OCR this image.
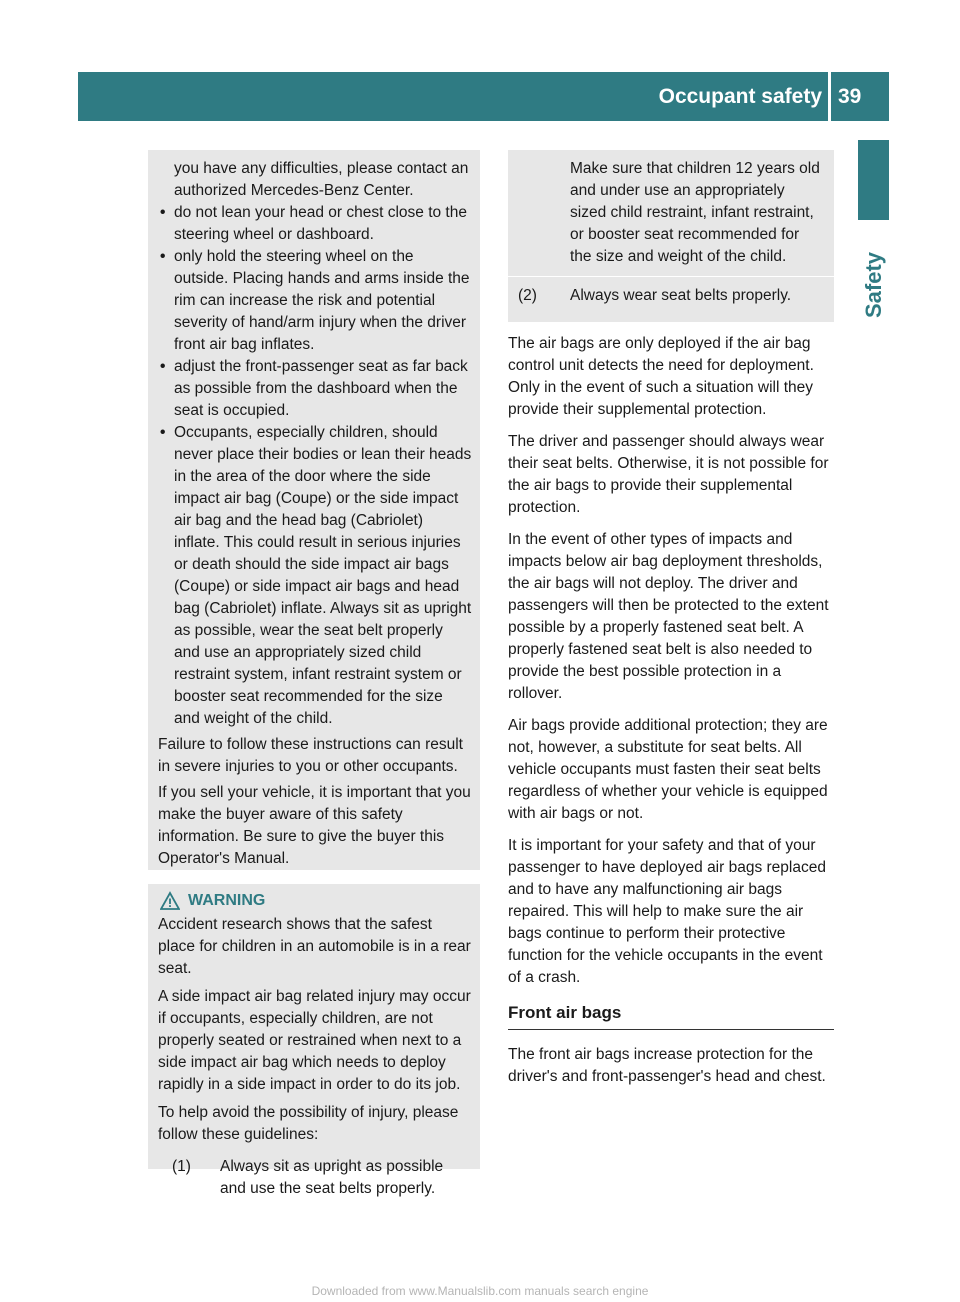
Occupant safety 39
Safety
you have any difficulties, please contact an authorized Mercedes-Benz Center.
• do not lean your head or chest close to the steering wheel or dashboard.
• only hold the steering wheel on the outside. Placing hands and arms inside the rim can increase the risk and potential severity of hand/arm injury when the driver front air bag inflates.
• adjust the front-passenger seat as far back as possible from the dashboard when the seat is occupied.
• Occupants, especially children, should never place their bodies or lean their heads in the area of the door where the side impact air bag (Coupe) or the side impact air bag and the head bag (Cabriolet) inflate. This could result in serious injuries or death should the side impact air bags (Coupe) or side impact air bags and head bag (Cabriolet) inflate. Always sit as upright as possible, wear the seat belt properly and use an appropriately sized child restraint system, infant restraint system or booster seat recommended for the size and weight of the child.

Failure to follow these instructions can result in severe injuries to you or other occupants.

If you sell your vehicle, it is important that you make the buyer aware of this safety information. Be sure to give the buyer this Operator's Manual.

WARNING

Accident research shows that the safest place for children in an automobile is in a rear seat.

A side impact air bag related injury may occur if occupants, especially children, are not properly seated or restrained when next to a side impact air bag which needs to deploy rapidly in a side impact in order to do its job.

To help avoid the possibility of injury, please follow these guidelines:

(1)	Always sit as upright as possible and use the seat belts properly.
Make sure that children 12 years old and under use an appropriately sized child restraint, infant restraint, or booster seat recommended for the size and weight of the child.
(2)	Always wear seat belts properly.

The air bags are only deployed if the air bag control unit detects the need for deployment. Only in the event of such a situation will they provide their supplemental protection.

The driver and passenger should always wear their seat belts. Otherwise, it is not possible for the air bags to provide their supplemental protection.

In the event of other types of impacts and impacts below air bag deployment thresholds, the air bags will not deploy. The driver and passengers will then be protected to the extent possible by a properly fastened seat belt. A properly fastened seat belt is also needed to provide the best possible protection in a rollover.

Air bags provide additional protection; they are not, however, a substitute for seat belts. All vehicle occupants must fasten their seat belts regardless of whether your vehicle is equipped with air bags or not.

It is important for your safety and that of your passenger to have deployed air bags replaced and to have any malfunctioning air bags repaired. This will help to make sure the air bags continue to perform their protective function for the vehicle occupants in the event of a crash.

Front air bags

The front air bags increase protection for the driver's and front-passenger's head and chest.

Downloaded from www.Manualslib.com manuals search engine
